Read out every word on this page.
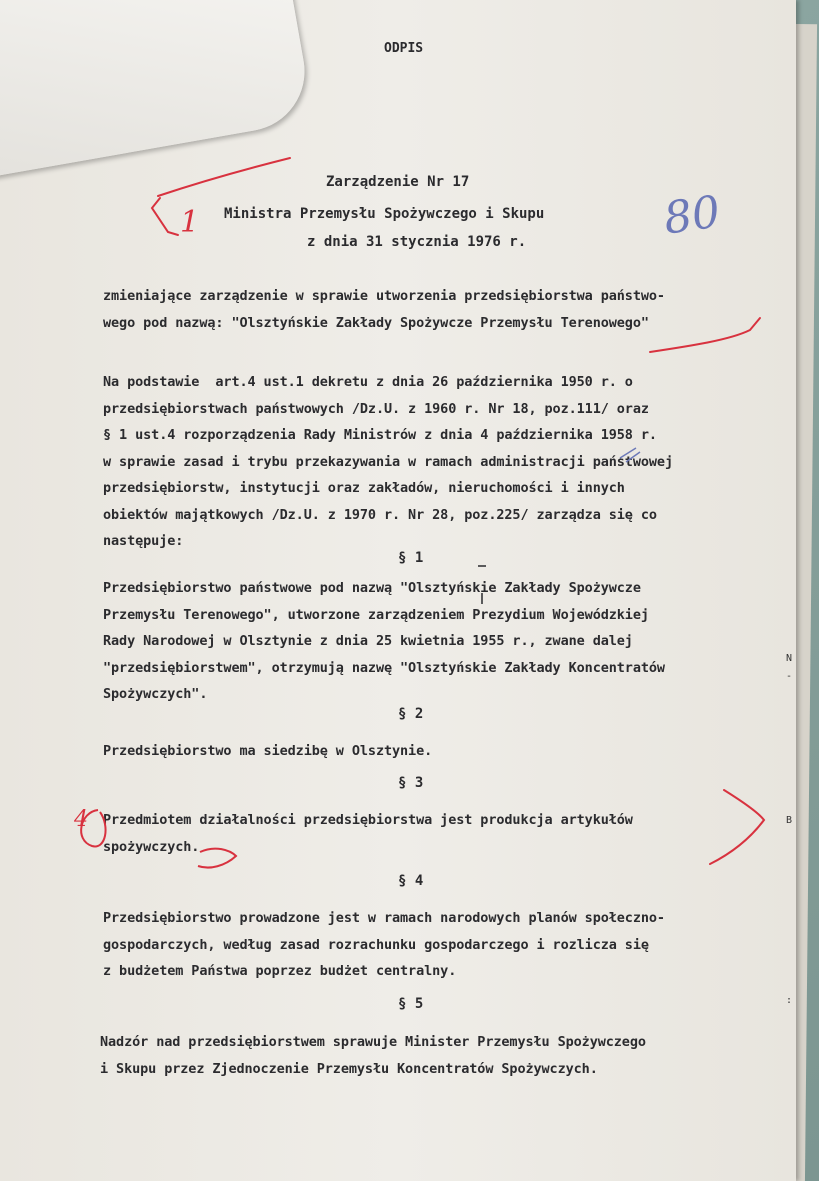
ODPIS

Zarządzenie Nr 17

Ministra Przemysłu Spożywczego i Skupu

z dnia 31 stycznia 1976 r.

zmieniające zarządzenie w sprawie utworzenia przedsiębiorstwa państwo-
wego pod nazwą: "Olsztyńskie Zakłady Spożywcze Przemysłu Terenowego"

Na podstawie  art.4 ust.1 dekretu z dnia 26 października 1950 r. o
przedsiębiorstwach państwowych /Dz.U. z 1960 r. Nr 18, poz.111/ oraz
§ 1 ust.4 rozporządzenia Rady Ministrów z dnia 4 października 1958 r.
w sprawie zasad i trybu przekazywania w ramach administracji państwowej
przedsiębiorstw, instytucji oraz zakładów, nieruchomości i innych
obiektów majątkowych /Dz.U. z 1970 r. Nr 28, poz.225/ zarządza się co
następuje:

§ 1

Przedsiębiorstwo państwowe pod nazwą "Olsztyńskie Zakłady Spożywcze
Przemysłu Terenowego", utworzone zarządzeniem Prezydium Wojewódzkiej
Rady Narodowej w Olsztynie z dnia 25 kwietnia 1955 r., zwane dalej
"przedsiębiorstwem", otrzymują nazwę "Olsztyńskie Zakłady Koncentratów
Spożywczych".

§ 2

Przedsiębiorstwo ma siedzibę w Olsztynie.

§ 3

Przedmiotem działalności przedsiębiorstwa jest produkcja artykułów
spożywczych.

§ 4

Przedsiębiorstwo prowadzone jest w ramach narodowych planów społeczno-
gospodarczych, według zasad rozrachunku gospodarczego i rozlicza się
z budżetem Państwa poprzez budżet centralny.

§ 5

Nadzór nad przedsiębiorstwem sprawuje Minister Przemysłu Spożywczego
i Skupu przez Zjednoczenie Przemysłu Koncentratów Spożywczych.

1
4
80
N
-

B

:
